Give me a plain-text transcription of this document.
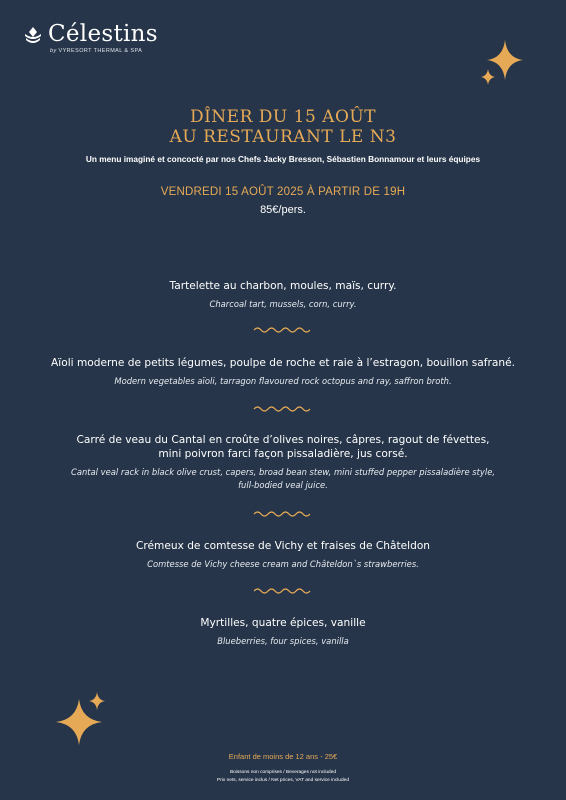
Célestins
by VYRESORT THERMAL & SPA
DÎNER DU 15 AOÛT
AU RESTAURANT LE N3
Un menu imaginé et concocté par nos Chefs Jacky Bresson, Sébastien Bonnamour et leurs équipes
VENDREDI 15 AOÛT 2025 À PARTIR DE 19H
85€/pers.
Tartelette au charbon, moules, maïs, curry.
Charcoal tart, mussels, corn, curry.
Aïoli moderne de petits légumes, poulpe de roche et raie à l’estragon, bouillon safrané.
Modern vegetables aïoli, tarragon flavoured rock octopus and ray, saffron broth.
Carré de veau du Cantal en croûte d’olives noires, câpres, ragout de févettes,
mini poivron farci façon pissaladière, jus corsé.
Cantal veal rack in black olive crust, capers, broad bean stew, mini stuffed pepper pissaladière style,
full-bodied veal juice.
Crémeux de comtesse de Vichy et fraises de Châteldon
Comtesse de Vichy cheese cream and Châteldon`s strawberries.
Myrtilles, quatre épices, vanille
Blueberries, four spices, vanilla
Enfant de moins de 12 ans - 25€
Boissons non comprises / Beverages not included
Prix nets, service inclus / Net prices, VAT and service included
